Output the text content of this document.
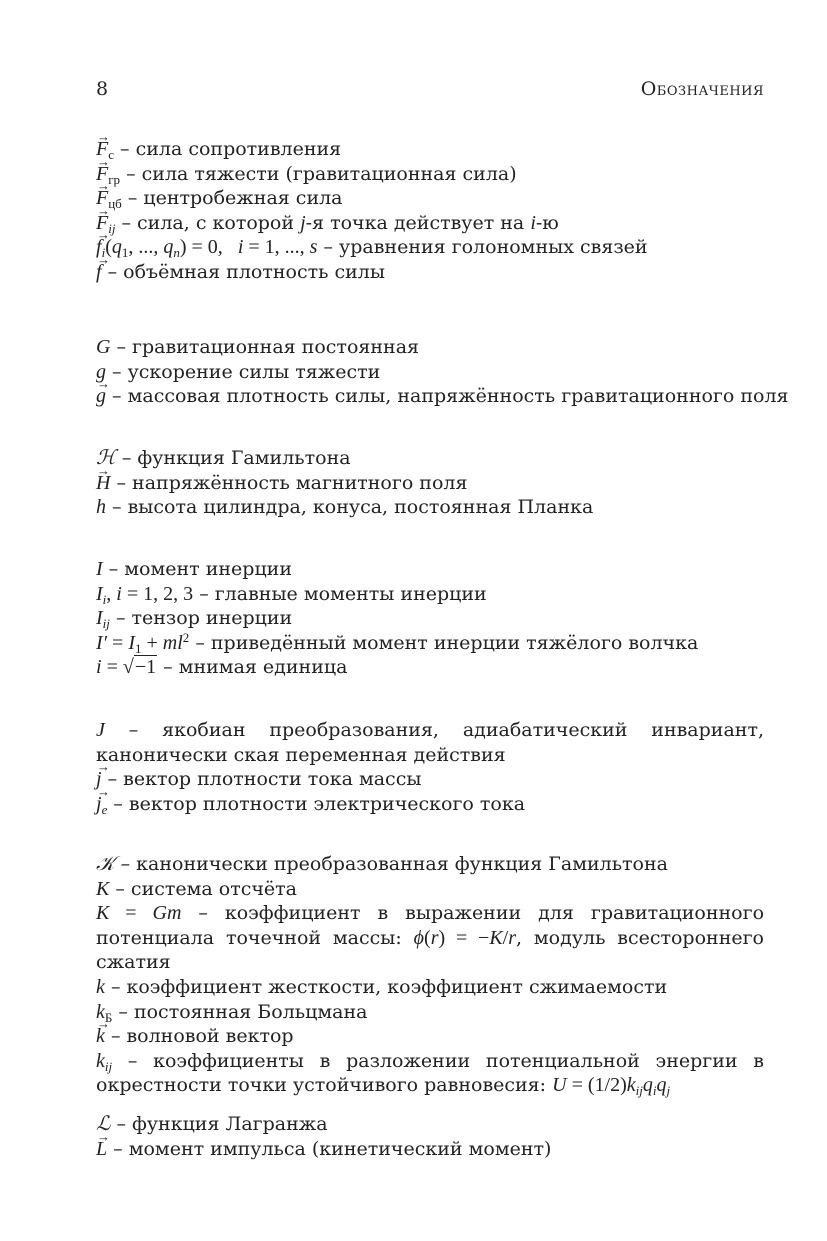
8	Обозначения
→ $F_c$ – сила сопротивления
→ $F_{гр}$ – сила тяжести (гравитационная сила)
→ $F_{цб}$ – центробежная сила
→ $F_{ij}$ – сила, с которой j-я точка действует на i-ю
→ $f_i(q_1$, ..., $q_n) = 0$,   i = 1, ..., s – уравнения голономных связей
→ f – объёмная плотность силы
G – гравитационная постоянная
g – ускорение силы тяжести
→ g – массовая плотность силы, напряжённость гравитационного поля
ℋ – функция Гамильтона
→ H – напряжённость магнитного поля
h – высота цилиндра, конуса, постоянная Планка
I – момент инерции
$I_i$, i = 1, 2, 3 – главные моменты инерции
$I_{ij}$ – тензор инерции
$I' = I_1 + ml^2$ – приведённый момент инерции тяжёлого волчка
i = √−1 – мнимая единица
J – якобиан преобразования, адиабатический инвариант, канонически ская переменная действия
→ j – вектор плотности тока массы
→ $j_e$ – вектор плотности электрического тока
𝒦 – канонически преобразованная функция Гамильтона
K – система отсчёта
K = Gm – коэффициент в выражении для гравитационного потенциала точечной массы: ϕ(r) = −K/r, модуль всестороннего сжатия
k – коэффициент жесткости, коэффициент сжимаемости
$k_Б$ – постоянная Больцмана
→ k – волновой вектор
$k_{ij}$ – коэффициенты в разложении потенциальной энергии в окрестности точки устойчивого равновесия: $U = (1/2)k_{ij}q_iq_j$
ℒ – функция Лагранжа
→ L – момент импульса (кинетический момент)
